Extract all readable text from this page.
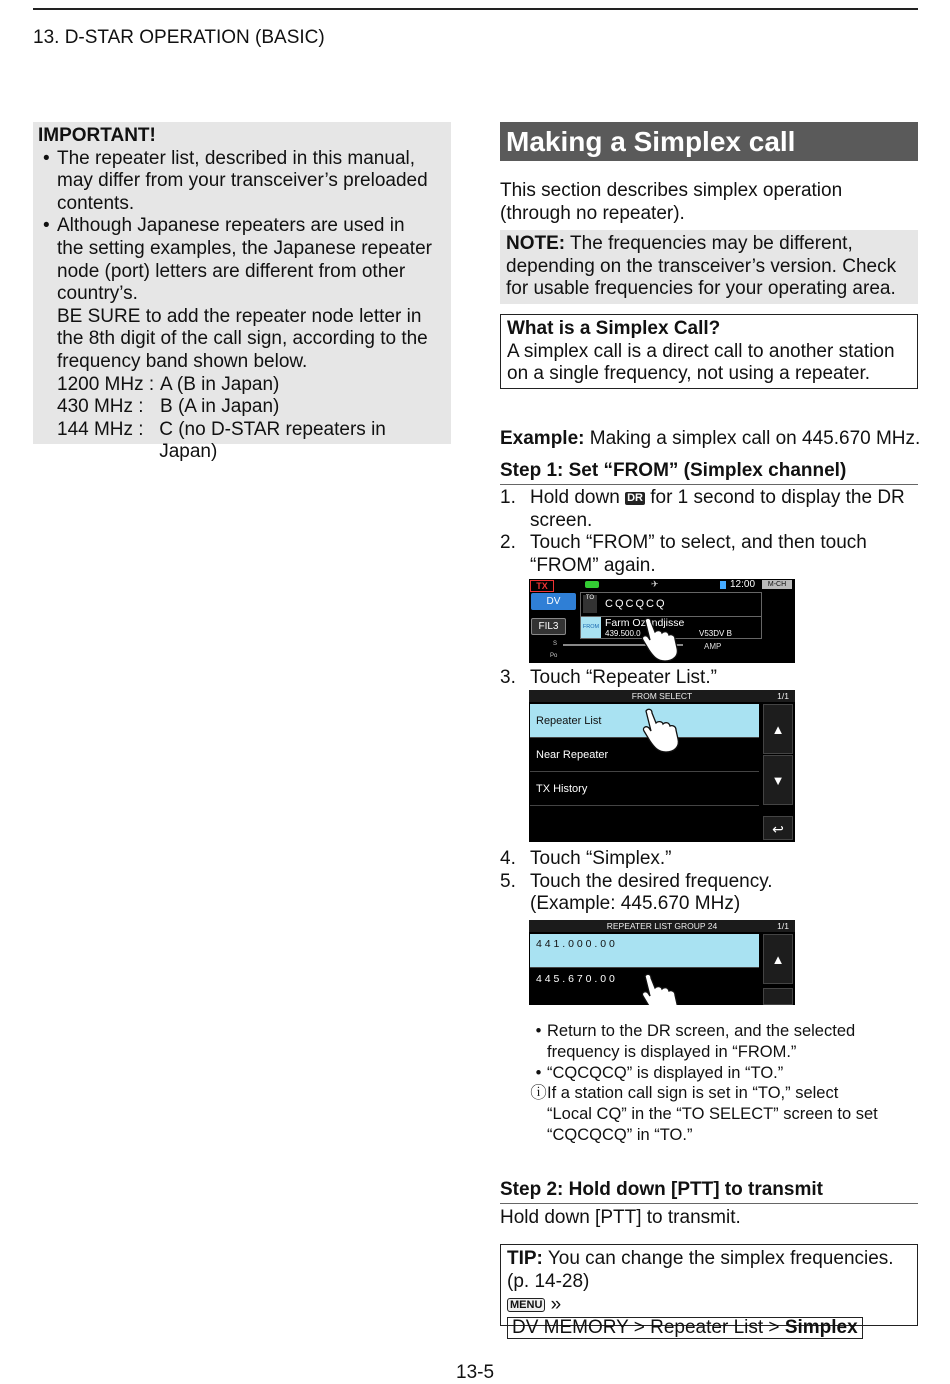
13. D-STAR OPERATION (BASIC)
IMPORTANT!
• The repeater list, described in this manual,
may differ from your transceiver’s preloaded
contents.
• Although Japanese repeaters are used in
the setting examples, the Japanese repeater
node (port) letters are different from other
country’s.
BE SURE to add the repeater node letter in
the 8th digit of the call sign, according to the
frequency band shown below.
1200 MHz : A (B in Japan)
430 MHz : B (A in Japan)
144 MHz : C (no D-STAR repeaters in Japan)
Making a Simplex call
This section describes simplex operation
(through no repeater).
NOTE: The frequencies may be different,
depending on the transceiver’s version. Check
for usable frequencies for your operating area.
What is a Simplex Call?
A simplex call is a direct call to another station
on a single frequency, not using a repeater.
Example: Making a simplex call on 445.670 MHz.
Step 1: Set “FROM” (Simplex channel)
1. Hold down DR for 1 second to display the DR
screen.
2. Touch “FROM” to select, and then touch
“FROM” again.
TX	✈	12:00	M-CH
DV
FIL3
TO CQCQCQ
FROM Farm Ozondjisse
439.500.0	V53DV B
S
Po
AMP
3. Touch “Repeater List.”
FROM SELECT	1/1
Repeater List
Near Repeater
TX History
▲
▼
↩
4. Touch “Simplex.”
5. Touch the desired frequency.
(Example: 445.670 MHz)
REPEATER LIST GROUP 24	1/1
4 4 1 . 0 0 0 . 0 0
4 4 5 . 6 7 0 . 0 0
▲
• Return to the DR screen, and the selected
frequency is displayed in “FROM.”
• “CQCQCQ” is displayed in “TO.”
ⓘ If a station call sign is set in “TO,” select
“Local CQ” in the “TO SELECT” screen to set
“CQCQCQ” in “TO.”
Step 2: Hold down [PTT] to transmit
Hold down [PTT] to transmit.
TIP: You can change the simplex frequencies.
(p. 14-28)
MENU » DV MEMORY > Repeater List > Simplex
13-5
